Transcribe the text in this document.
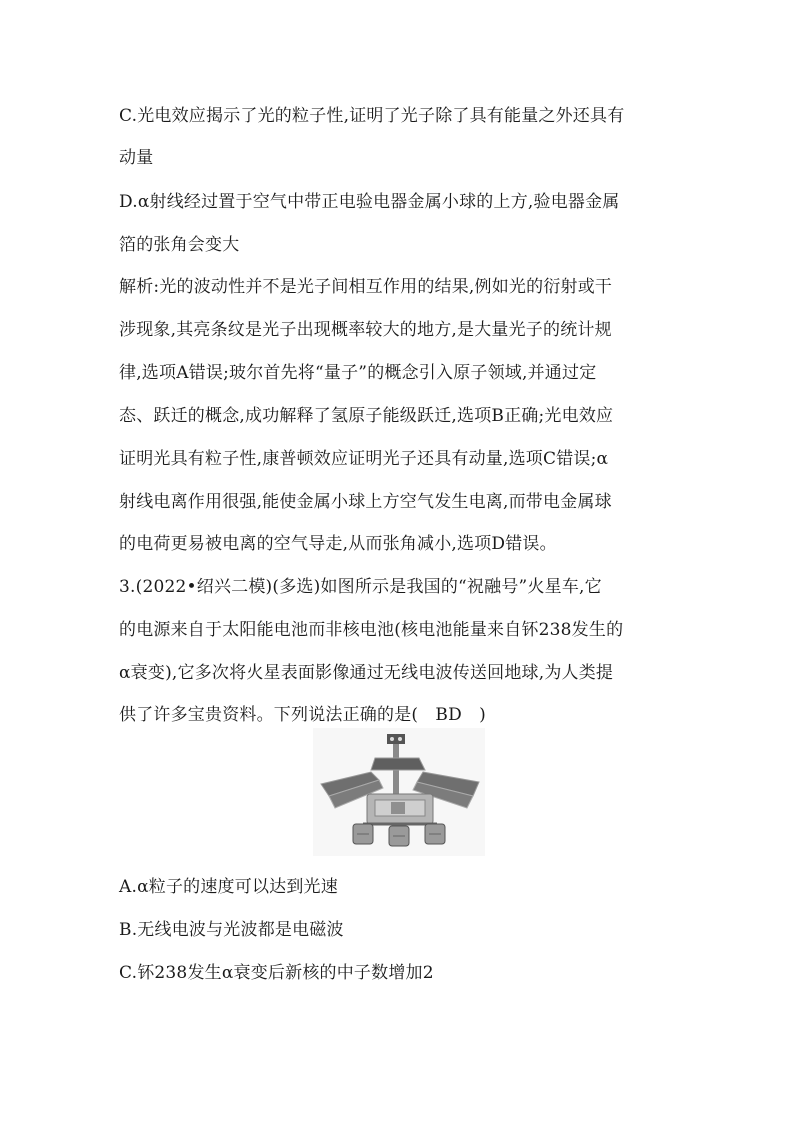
C.光电效应揭示了光的粒子性,证明了光子除了具有能量之外还具有
动量
D.α射线经过置于空气中带正电验电器金属小球的上方,验电器金属
箔的张角会变大
解析:光的波动性并不是光子间相互作用的结果,例如光的衍射或干
涉现象,其亮条纹是光子出现概率较大的地方,是大量光子的统计规
律,选项A错误;玻尔首先将“量子”的概念引入原子领域,并通过定
态、跃迁的概念,成功解释了氢原子能级跃迁,选项B正确;光电效应
证明光具有粒子性,康普顿效应证明光子还具有动量,选项C错误;α
射线电离作用很强,能使金属小球上方空气发生电离,而带电金属球
的电荷更易被电离的空气导走,从而张角减小,选项D错误。
3.(2022•绍兴二模)(多选)如图所示是我国的“祝融号”火星车,它
的电源来自于太阳能电池而非核电池(核电池能量来自钚238发生的
α衰变),它多次将火星表面影像通过无线电波传送回地球,为人类提
供了许多宝贵资料。下列说法正确的是(　BD　)
A.α粒子的速度可以达到光速
B.无线电波与光波都是电磁波
C.钚238发生α衰变后新核的中子数增加2
